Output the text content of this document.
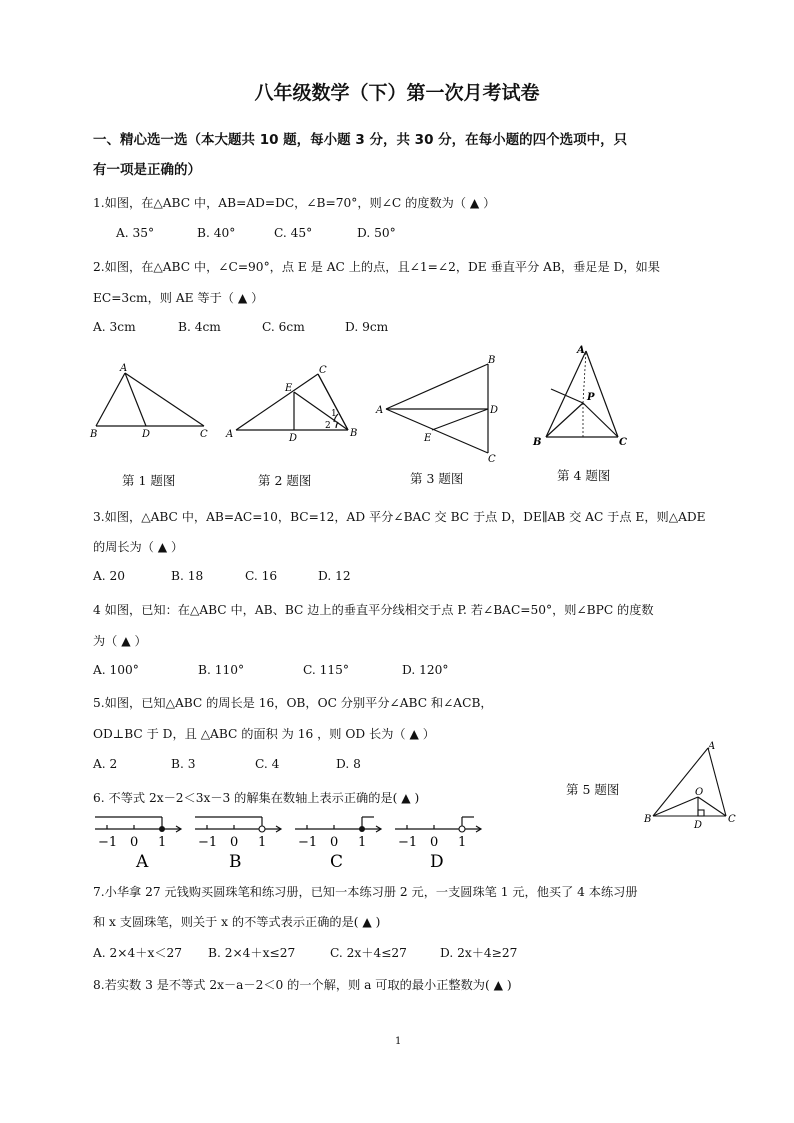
八年级数学（下）第一次月考试卷
一、精心选一选（本大题共 10 题，每小题 3 分，共 30 分，在每小题的四个选项中，只
有一项是正确的）
1.如图，在△ABC 中，AB=AD=DC，∠B=70°，则∠C 的度数为（ ▲ ）
A. 35°	B. 40°	C. 45°	D. 50°
2.如图，在△ABC 中，∠C=90°，点 E 是 AC 上的点，且∠1=∠2，DE 垂直平分 AB，垂足是 D，如果
EC=3cm，则 AE 等于（ ▲ ）
A. 3cm	B. 4cm	C. 6cm	D. 9cm
A
B	D	C
E
C
A	D	B
1
2
B
A	D
E
C
A
P
B	C
第 1 题图	第 2 题图	第 3 题图	第 4 题图
3.如图，△ABC 中，AB=AC=10，BC=12，AD 平分∠BAC 交 BC 于点 D，DE∥AB 交 AC 于点 E，则△ADE
的周长为（ ▲ ）
A. 20	B. 18	C. 16	D. 12
4 如图，已知：在△ABC 中，AB、BC 边上的垂直平分线相交于点 P. 若∠BAC=50°，则∠BPC 的度数
为（ ▲ ）
A. 100°	B. 110°	C. 115°	D. 120°
5.如图，已知△ABC 的周长是 16，OB，OC 分别平分∠ABC 和∠ACB，
OD⊥BC 于 D，且 △ABC 的面积 为 16 ，则 OD 长为（ ▲ ）
A. 2	B. 3	C. 4	D. 8
第 5 题图
A
O
B
D
C
6. 不等式 2x－2＜3x－3 的解集在数轴上表示正确的是( ▲ )
−1 0 1
A
−1 0 1
B
−1 0 1
C
−1 0 1
D
7.小华拿 27 元钱购买圆珠笔和练习册，已知一本练习册 2 元，一支圆珠笔 1 元，他买了 4 本练习册
和 x 支圆珠笔，则关于 x 的不等式表示正确的是( ▲ )
A. 2×4＋x＜27 B. 2×4＋x≤27	C. 2x＋4≤27	D. 2x＋4≥27
8.若实数 3 是不等式 2x－a－2＜0 的一个解，则 a 可取的最小正整数为( ▲ )
1
